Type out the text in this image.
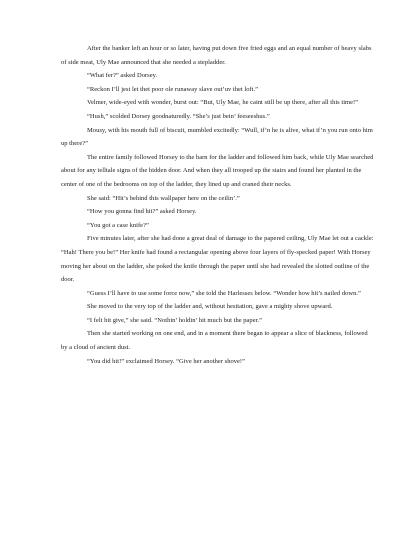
After the banker left an hour or so later, having put down five fried eggs and an equal number of heavy slabs of side meat, Uly Mae announced that she needed a stepladder.

“What fer?” asked Dorsey.

“Reckon I’ll jest let thet poor ole runaway slave out’uv thet loft.”

Velmer, wide-eyed with wonder, burst out: “But, Uly Mae, he caint still be up there, after all this time!”

“Hush,” scolded Dorsey goodnaturedly. “She’s just bein’ feeseeshus.”

Mousy, with his mouth full of biscuit, mumbled excitedly: “Wull, if’n he is alive, what if’n you run onto him up there?”

The entire family followed Horsey to the barn for the ladder and followed him back, while Uly Mae searched about for any telltale signs of the hidden door. And when they all trooped up the stairs and found her planted in the center of one of the bedrooms on top of the ladder, they lined up and craned their necks.

She said: “Hit’s behind this wallpaper here on the ceilin’.”

“How you gonna find hit?” asked Horsey.

“You got a case knife?”

Five minutes later, after she had done a great deal of damage to the papered ceiling, Uly Mae let out a cackle: “Hah! There you be!” Her knife had found a rectangular opening above four layers of fly-specked paper! With Horsey moving her about on the ladder, she poked the knife through the paper until she had revealed the slotted outline of the door.

“Guess I’ll have to use some force now,” she told the Harlesses below. “Wonder how hit’s nailed down.”

She moved to the very top of the ladder and, without hesitation, gave a mighty shove upward.

“I felt hit give,” she said. “Nothin’ holdin’ hit much but the paper.”

Then she started working on one end, and in a moment there began to appear a slice of blackness, followed by a cloud of ancient dust.

“You did hit!” exclaimed Horsey. “Give her another shove!”
